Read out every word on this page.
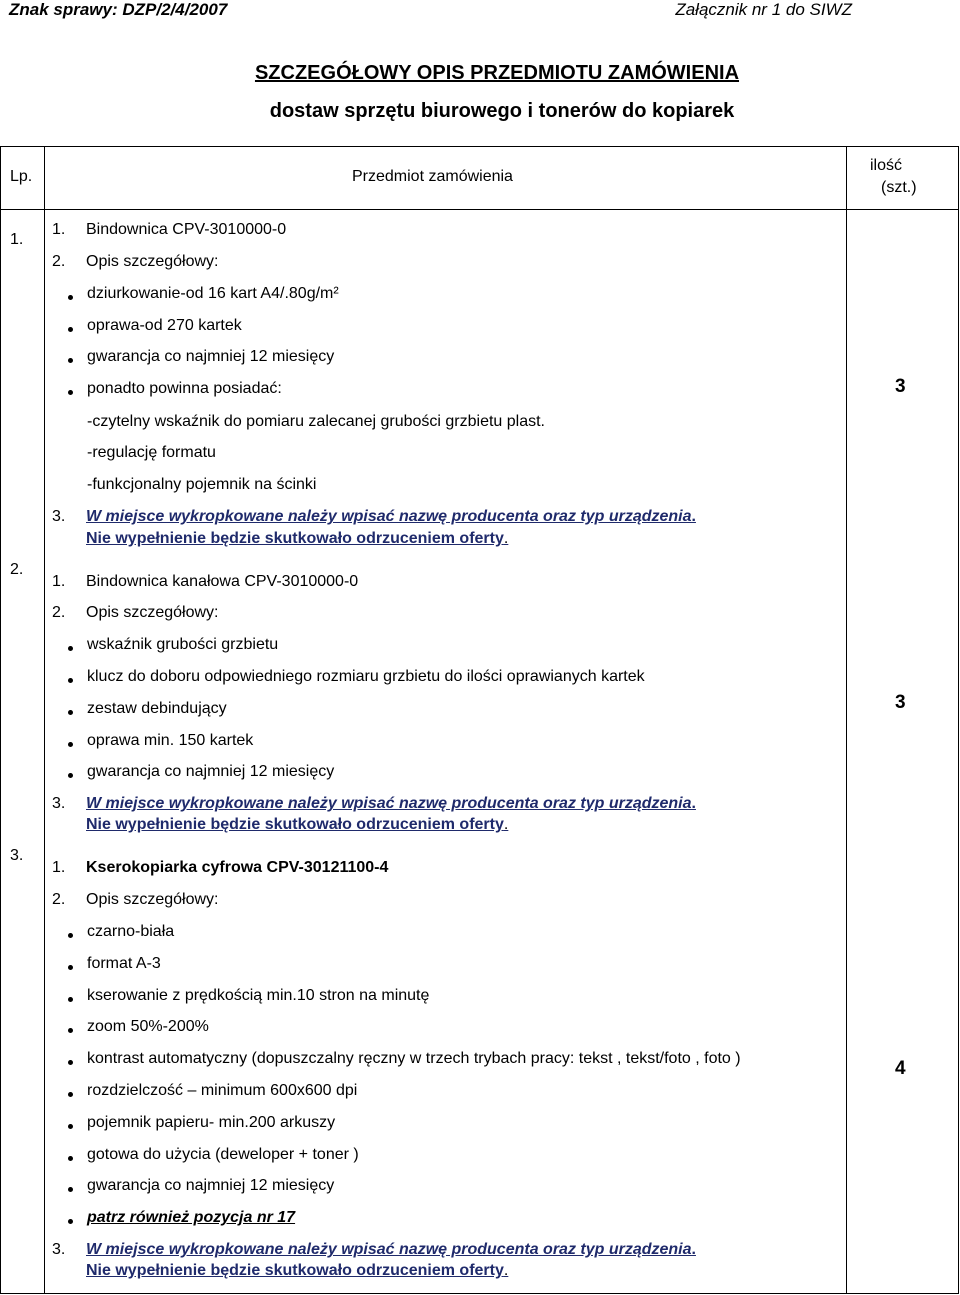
Znak sprawy: DZP/2/4/2007	Załącznik nr 1 do SIWZ
SZCZEGÓŁOWY OPIS PRZEDMIOTU ZAMÓWIENIA
dostaw sprzętu biurowego i tonerów do kopiarek
Lp.	Przedmiot zamówienia
ilość
(szt.)
1.
1. Bindownica CPV-3010000-0
2. Opis szczegółowy:
dziurkowanie-od 16 kart A4/.80g/m²
oprawa-od 270 kartek
gwarancja co najmniej 12 miesięcy
ponadto powinna posiadać:
-czytelny wskaźnik do pomiaru zalecanej grubości grzbietu plast.
-regulację formatu
-funkcjonalny pojemnik na ścinki
3. W miejsce wykropkowane należy wpisać nazwę producenta oraz typ urządzenia.
Nie wypełnienie będzie skutkowało odrzuceniem oferty.
3
2.
1. Bindownica kanałowa CPV-3010000-0
2. Opis szczegółowy:
wskaźnik grubości grzbietu
klucz do doboru odpowiedniego rozmiaru grzbietu do ilości oprawianych kartek
zestaw debindujący
oprawa min. 150 kartek
gwarancja co najmniej 12 miesięcy
3. W miejsce wykropkowane należy wpisać nazwę producenta oraz typ urządzenia.
Nie wypełnienie będzie skutkowało odrzuceniem oferty.
3
3.
1. Kserokopiarka cyfrowa CPV-30121100-4
2. Opis szczegółowy:
czarno-biała
format A-3
kserowanie z prędkością min.10 stron na minutę
zoom 50%-200%
kontrast automatyczny (dopuszczalny ręczny w trzech trybach pracy: tekst , tekst/foto , foto )
rozdzielczość – minimum 600x600 dpi
pojemnik papieru- min.200 arkuszy
gotowa do użycia (deweloper + toner )
gwarancja co najmniej 12 miesięcy
patrz również pozycja nr 17
3. W miejsce wykropkowane należy wpisać nazwę producenta oraz typ urządzenia.
Nie wypełnienie będzie skutkowało odrzuceniem oferty.
4
